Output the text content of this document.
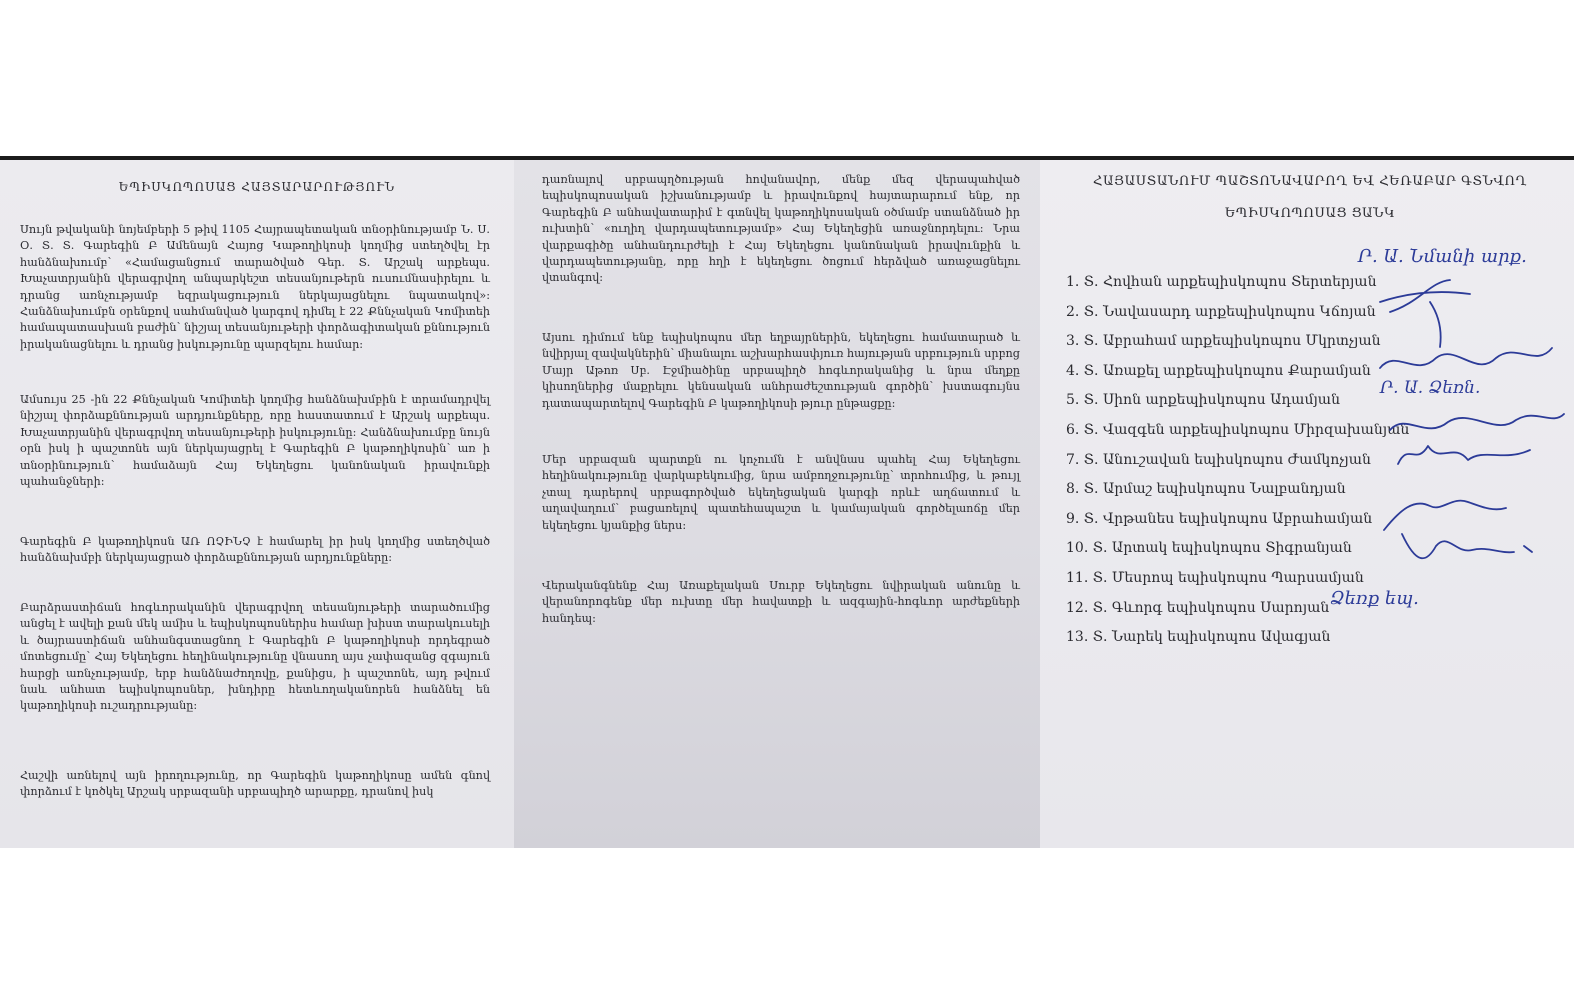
ԵՊԻՍԿՈՊՈՍԱՑ ՀԱՅՏԱՐԱՐՈՒԹՅՈՒՆ

Սույն թվականի նոյեմբերի 5 թիվ 1105 Հայրապետական տնօրինությամբ Ն. Ս. Օ. Տ. Տ. Գարեգին Բ Ամենայն Հայոց Կաթողիկոսի կողմից ստեղծվել էր հանձնախումբ՝ «Համացանցում տարածված Գեր. Տ. Արշակ արքեպս. Խաչատրյանին վերագրվող անպարկեշտ տեսանյութերն ուսումնասիրելու և դրանց առնչությամբ եզրակացություն ներկայացնելու նպատակով»: Հանձնախումբն օրենքով սահմանված կարգով դիմել է 22 Քննչական Կոմիտեի համապատասխան բաժին՝ նիշյալ տեսանյութերի փորձագիտական քննություն իրականացնելու և դրանց իսկությունը պարզելու համար:

Ամսույս 25 -ին 22 Քննչական Կոմիտեի կողմից հանձնախմբին է տրամադրվել նիշյալ փորձաքննության արդյունքները, որը հաստատում է Արշակ արքեպս. Խաչատրյանին վերագրվող տեսանյութերի իսկությունը: Հանձնախումբը նույն օրն իսկ ի պաշտոնե այն ներկայացրել է Գարեգին Բ կաթողիկոսին՝ առ ի տնօրինություն՝ համաձայն Հայ Եկեղեցու կանոնական իրավունքի պահանջների:

Գարեգին Բ կաթողիկոսն ԱՌ ՈՉԻՆՉ է համարել իր իսկ կողմից ստեղծված հանձնախմբի ներկայացրած փորձաքննության արդյունքները:

Բարձրաստիճան հոգևորականին վերագրվող տեսանյութերի տարածումից անցել է ավելի քան մեկ ամիս և եպիսկոպոսներիս համար խիստ տարակուսելի և ծայրաստիճան անհանգստացնող է Գարեգին Բ կաթողիկոսի որդեգրած մոտեցումը՝ Հայ Եկեղեցու հեղինակությունը վնասող այս չափազանց զգայուն հարցի առնչությամբ, երբ հանձնաժողովը, քանիցս, ի պաշտոնե, այդ թվում նաև անհատ եպիսկոպոսներ, խնդիրը հետևողականորեն հանձնել են կաթողիկոսի ուշադրությանը:

Հաշվի առնելով այն իրողությունը, որ Գարեգին կաթողիկոսը ամեն գնով փորձում է կոծկել Արշակ սրբազանի սրբապիղծ արարքը, դրանով իսկ

դառնալով սրբապղծության հովանավոր, մենք մեզ վերապահված եպիսկոպոսական իշխանությամբ և իրավունքով հայտարարում ենք, որ Գարեգին Բ անհավատարիմ է գտնվել կաթողիկոսական օծմամբ ստանձնած իր ուխտին՝ «ուղիղ վարդապետությամբ» Հայ Եկեղեցին առաջնորդելու: Նրա վարքագիծը անհանդուրժելի է Հայ Եկեղեցու կանոնական իրավունքին և վարդապետությանը, որը հղի է եկեղեցու ծոցում հերձված առաջացնելու վտանգով:

Այսու դիմում ենք եպիսկոպոս մեր եղբայրներին, եկեղեցու համատարած և նվիրյալ զավակներին՝ միանալու աշխարհասփյուռ հայության սրբություն սրբոց Մայր Աթոռ Սբ. Էջմիածինը սրբապիղծ հոգևորականից և նրա մեղքը կիսողներից մաքրելու կենսական անհրաժեշտության գործին՝ խստագույնս դատապարտելով Գարեգին Բ կաթողիկոսի թյուր ընթացքը:

Մեր սրբազան պարտքն ու կոչումն է անվնաս պահել Հայ Եկեղեցու հեղինակությունը վարկաբեկումից, նրա ամբողջությունը՝ տրոհումից, և թույլ չտալ դարերով սրբագործված եկեղեցական կարգի որևէ աղճատում և աղավաղում՝ բացառելով պատեհապաշտ և կամայական գործելաոճը մեր եկեղեցու կյանքից ներս:

Վերականգնենք Հայ Առաքելական Սուրբ Եկեղեցու նվիրական անունը և վերանորոգենք մեր ուխտը մեր հավատքի և ազգային-հոգևոր արժեքների հանդեպ:

ՀԱՅԱՍՏԱՆՈՒՄ ՊԱՇՏՈՆԱՎԱՐՈՂ ԵՎ ՀԵՌԱԲԱՐ ԳՏՆՎՈՂ
ԵՊԻՍԿՈՊՈՍԱՑ ՑԱՆԿ
1. Տ. Հովհան արքեպիսկոպոս Տերտերյան
2. Տ. Նավասարդ արքեպիսկոպոս Կճոյան
3. Տ. Աբրահամ արքեպիսկոպոս Մկրտչյան
4. Տ. Առաքել արքեպիսկոպոս Քարամյան
5. Տ. Սիոն արքեպիսկոպոս Ադամյան
6. Տ. Վազգեն արքեպիսկոպոս Միրզախանյան
7. Տ. Անուշավան եպիսկոպոս Ժամկոչյան
8. Տ. Արմաշ եպիսկոպոս Նալբանդյան
9. Տ. Վրթանես եպիսկոպոս Աբրահամյան
10. Տ. Արտակ եպիսկոպոս Տիգրանյան
11. Տ. Մեսրոպ եպիսկոպոս Պարսամյան
12. Տ. Գևորգ եպիսկոպոս Սարոյան
13. Տ. Նարեկ եպիսկոպոս Ավագյան
Ր. Ա. Նմանի արք.
Ր. Ա. Ձեռն.
Ձեռք եպ.
